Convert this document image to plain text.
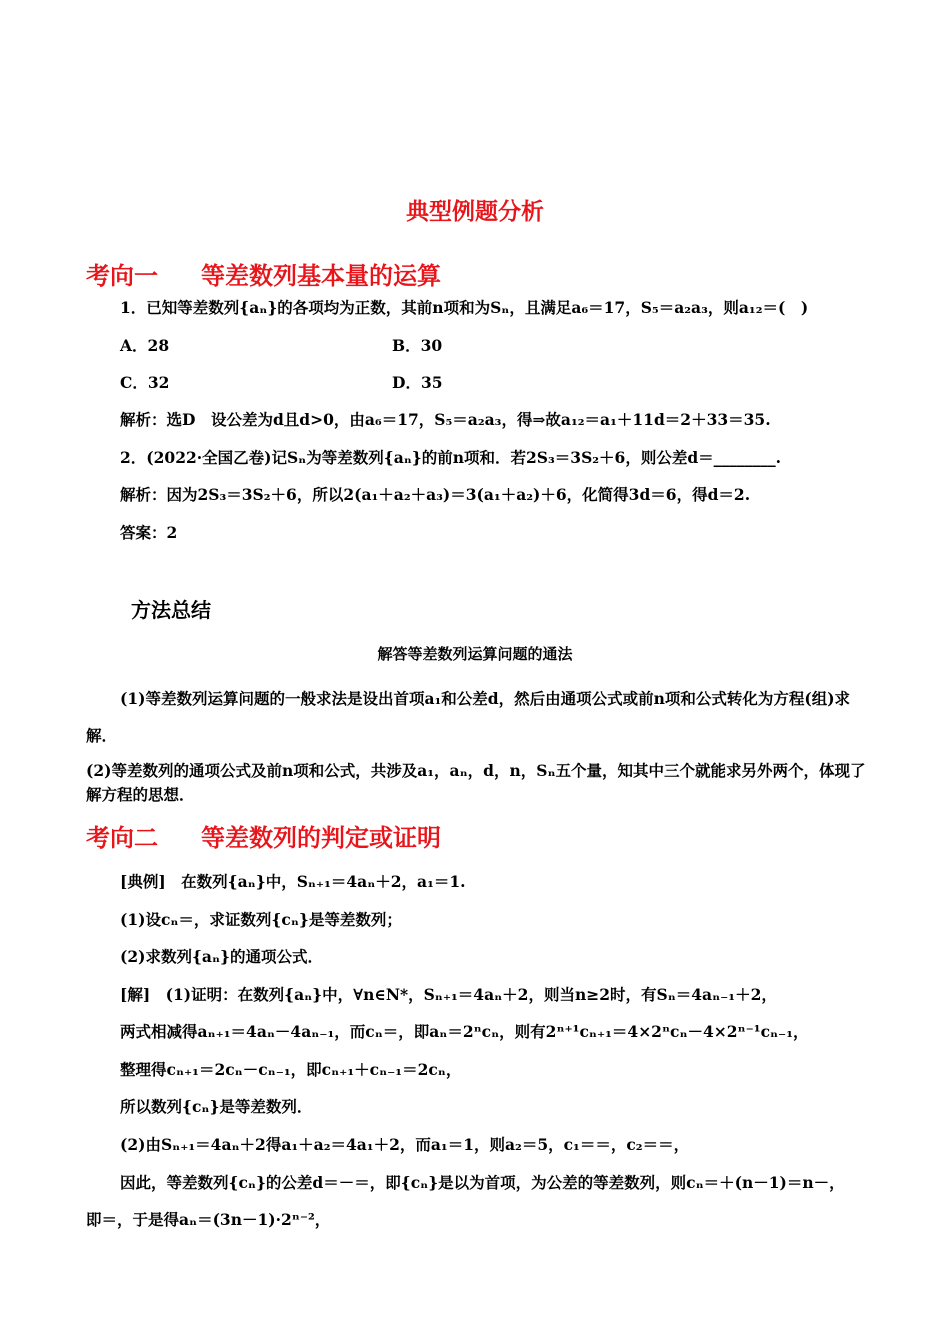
典型例题分析
考向一 等差数列基本量的运算
1．已知等差数列{aₙ}的各项均为正数，其前n项和为Sₙ，且满足a₆＝17，S₅＝a₂a₃，则a₁₂＝(　)
A．28	B．30
C．32	D．35
解析：选D　设公差为d且d>0，由a₆＝17，S₅＝a₂a₃，得⇒故a₁₂＝a₁＋11d＝2＋33＝35.
2．(2022·全国乙卷)记Sₙ为等差数列{aₙ}的前n项和．若2S₃＝3S₂＋6，则公差d＝________.
解析：因为2S₃＝3S₂＋6，所以2(a₁＋a₂＋a₃)＝3(a₁＋a₂)＋6，化简得3d＝6，得d＝2.
答案：2
方法总结
解答等差数列运算问题的通法
(1)等差数列运算问题的一般求法是设出首项a₁和公差d，然后由通项公式或前n项和公式转化为方程(组)求解．
(2)等差数列的通项公式及前n项和公式，共涉及a₁，aₙ，d，n，Sₙ五个量，知其中三个就能求另外两个，体现了解方程的思想．
考向二 等差数列的判定或证明
[典例]　在数列{aₙ}中，Sₙ₊₁＝4aₙ＋2，a₁＝1.
(1)设cₙ＝，求证数列{cₙ}是等差数列；
(2)求数列{aₙ}的通项公式．
[解]　(1)证明：在数列{aₙ}中，∀n∈N*，Sₙ₊₁＝4aₙ＋2，则当n≥2时，有Sₙ＝4aₙ₋₁＋2，
两式相减得aₙ₊₁＝4aₙ－4aₙ₋₁，而cₙ＝，即aₙ＝2ⁿcₙ，则有2ⁿ⁺¹cₙ₊₁＝4×2ⁿcₙ－4×2ⁿ⁻¹cₙ₋₁，
整理得cₙ₊₁＝2cₙ－cₙ₋₁，即cₙ₊₁＋cₙ₋₁＝2cₙ，
所以数列{cₙ}是等差数列．
(2)由Sₙ₊₁＝4aₙ＋2得a₁＋a₂＝4a₁＋2，而a₁＝1，则a₂＝5，c₁＝＝，c₂＝＝，
因此，等差数列{cₙ}的公差d＝－＝，即{cₙ}是以为首项，为公差的等差数列，则cₙ＝＋(n－1)＝n－，
即＝，于是得aₙ＝(3n－1)·2ⁿ⁻²，
